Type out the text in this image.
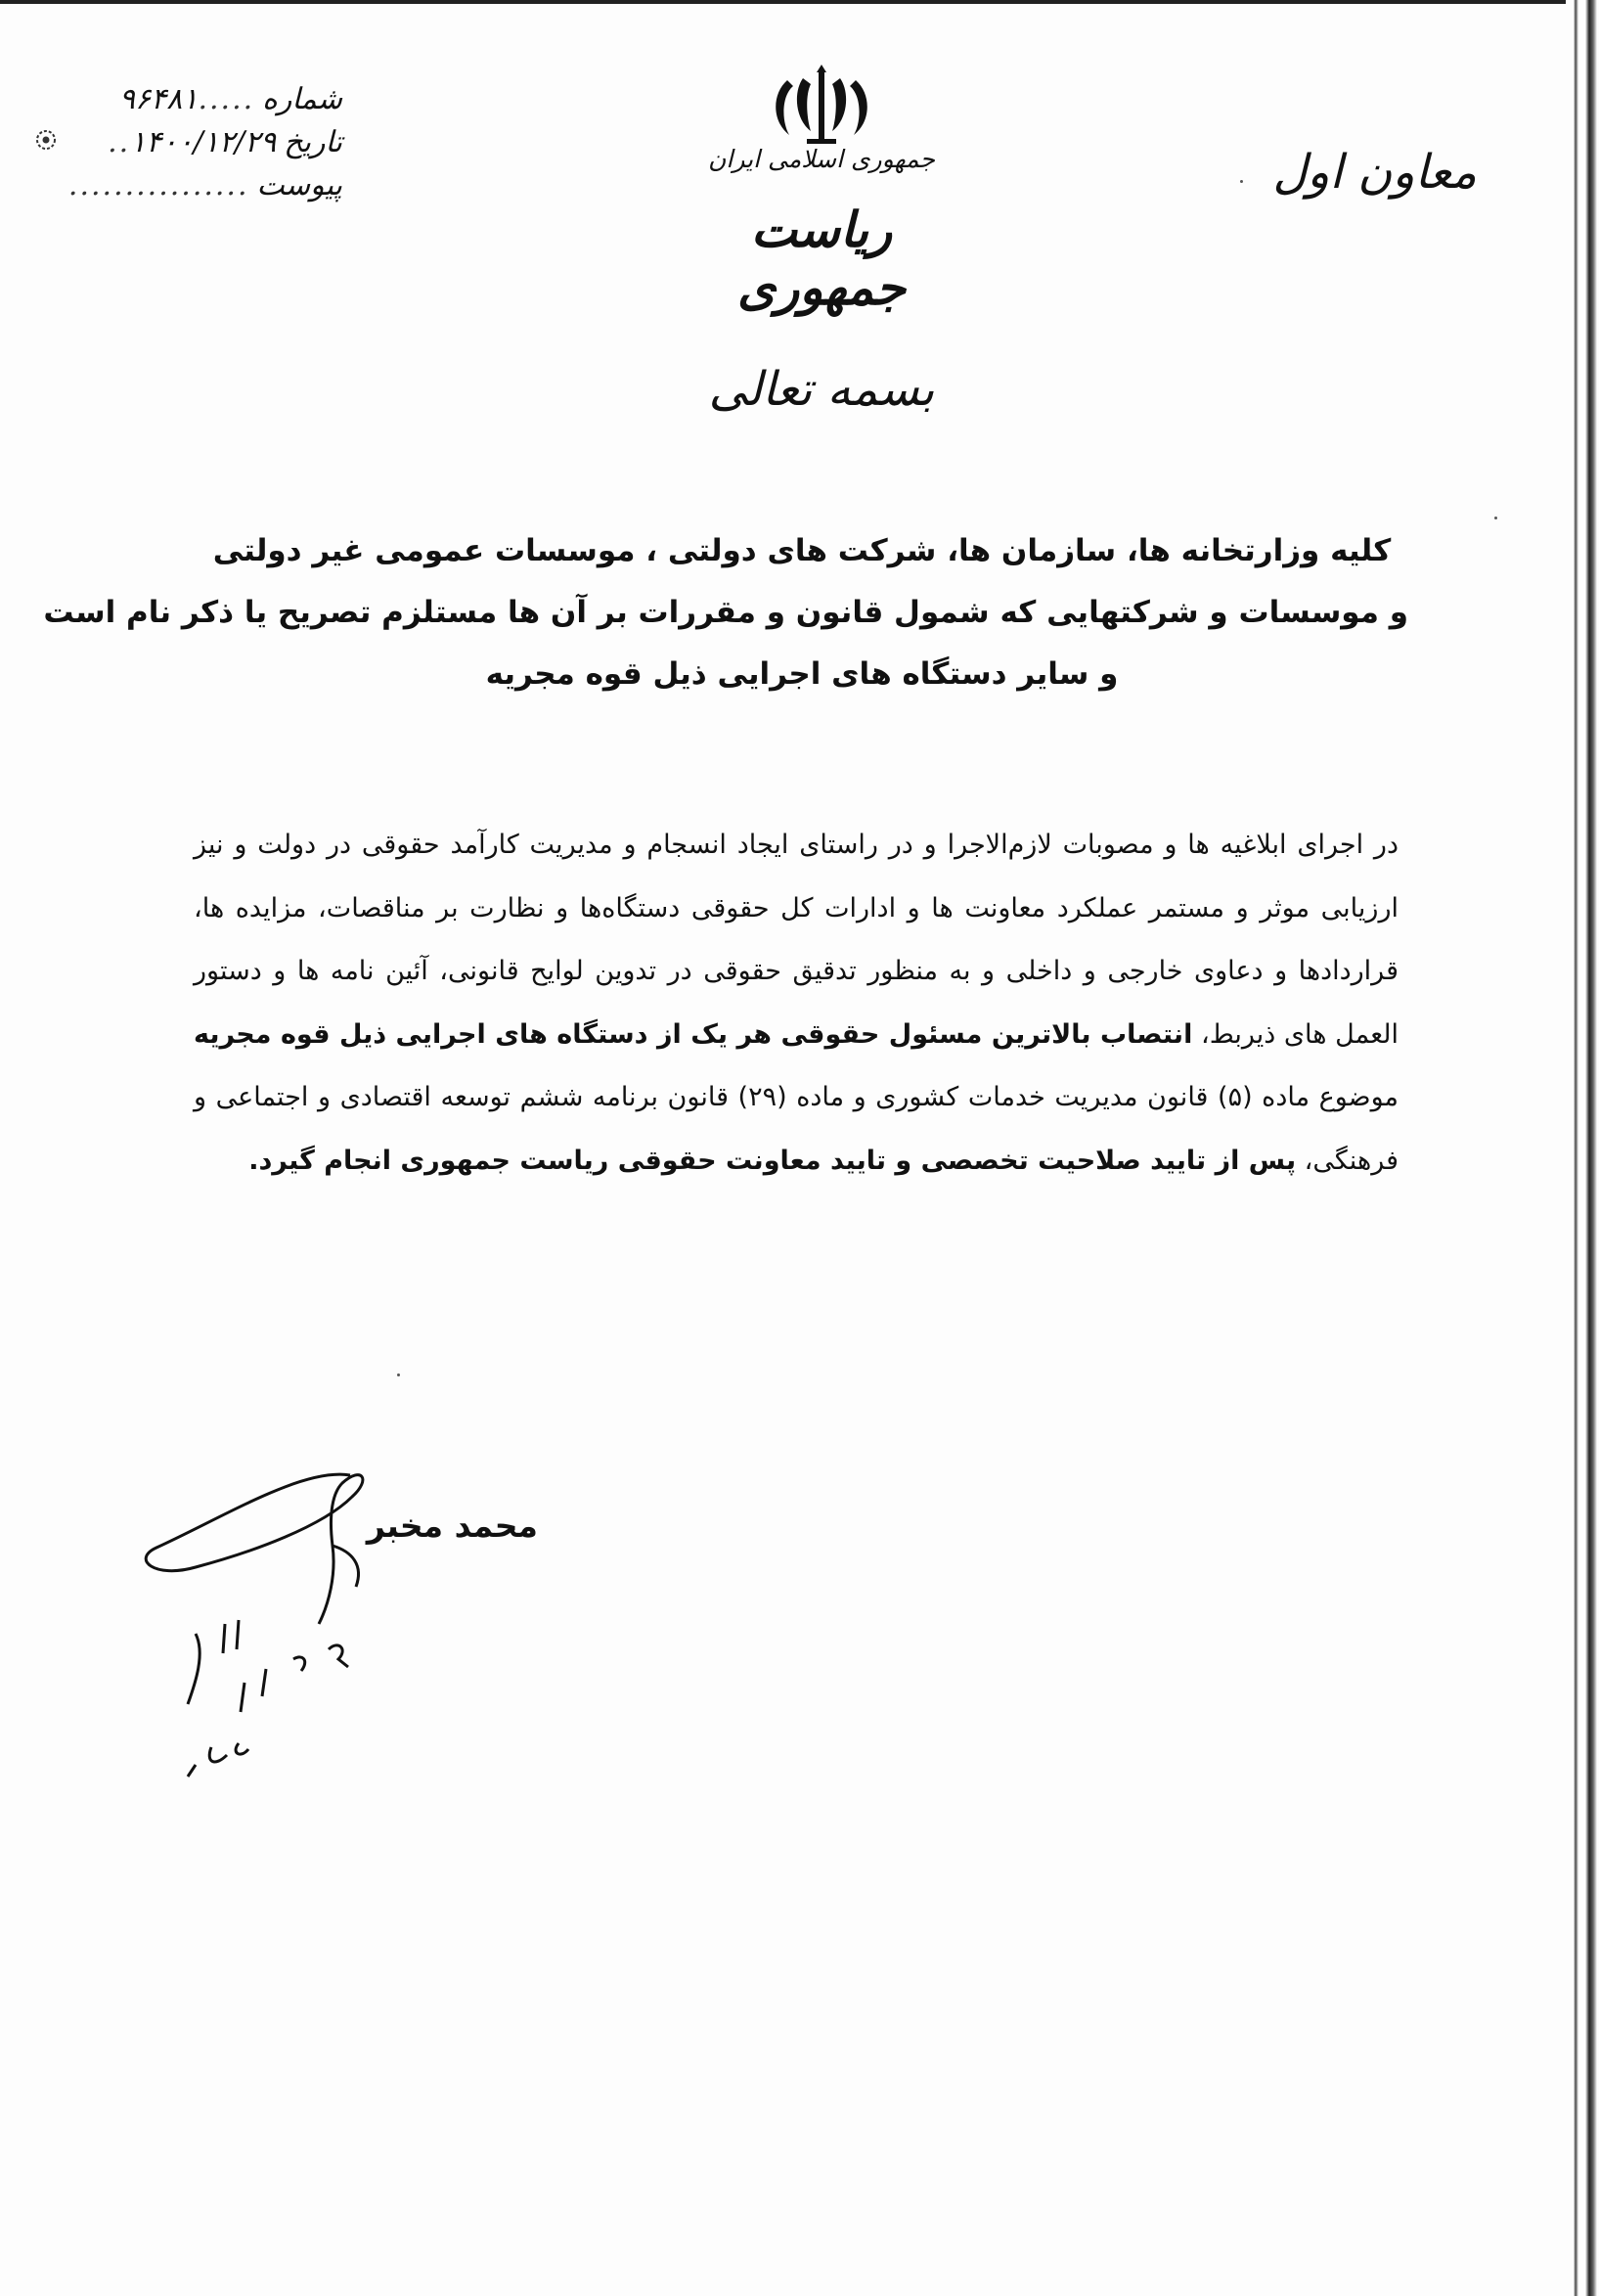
شماره
.....
۹۶۴۸۱
تاریخ
۱۴۰۰/۱۲/۲۹
..
پیوست
................
جمهوری اسلامی ایران
ریاست جمهوری
معاون اول
بسمه تعالی
کلیه وزارتخانه ها، سازمان ها، شرکت های دولتی ، موسسات عمومی غیر دولتی
و موسسات و شرکتهایی که شمول قانون و مقررات بر آن ها مستلزم تصریح یا ذکر نام است
و سایر دستگاه های اجرایی ذیل قوه مجریه
در اجرای ابلاغیه ها و مصوبات لازم‌الاجرا و در راستای ایجاد انسجام و مدیریت کارآمد حقوقی در دولت و نیز ارزیابی موثر و مستمر عملکرد معاونت ها و ادارات کل حقوقی دستگاه‌ها و نظارت بر مناقصات، مزایده ها، قراردادها و دعاوی خارجی و داخلی و به منظور تدقیق حقوقی در تدوین لوایح قانونی، آئین نامه ها و دستور العمل های ذیربط، انتصاب بالاترین مسئول حقوقی هر یک از دستگاه های اجرایی ذیل قوه مجریه موضوع ماده (۵) قانون مدیریت خدمات کشوری و ماده (۲۹) قانون برنامه ششم توسعه اقتصادی و اجتماعی و فرهنگی، پس از تایید صلاحیت تخصصی و تایید معاونت حقوقی ریاست جمهوری انجام گیرد.
محمد مخبر
